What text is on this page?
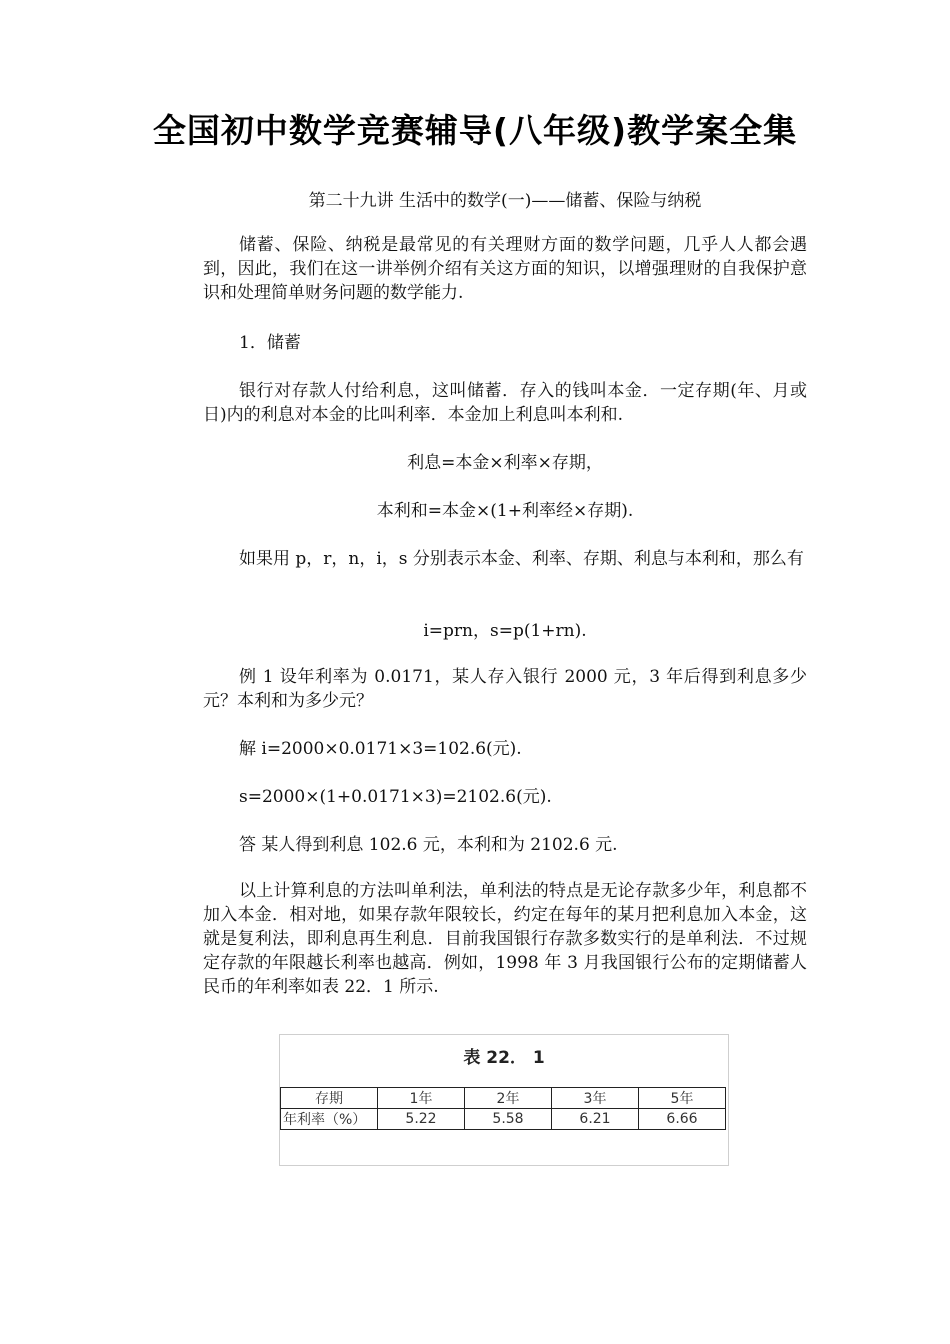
全国初中数学竞赛辅导(八年级)教学案全集
第二十九讲 生活中的数学(一)——储蓄、保险与纳税
储蓄、保险、纳税是最常见的有关理财方面的数学问题，几乎人人都会遇到，因此，我们在这一讲举例介绍有关这方面的知识，以增强理财的自我保护意识和处理简单财务问题的数学能力.
1．储蓄
银行对存款人付给利息，这叫储蓄．存入的钱叫本金．一定存期(年、月或日)内的利息对本金的比叫利率．本金加上利息叫本利和.
利息=本金×利率×存期，
本利和=本金×(1+利率经×存期).
如果用 p，r，n，i，s 分别表示本金、利率、存期、利息与本利和，那么有
i=prn，s=p(1+rn).
例 1 设年利率为 0.0171，某人存入银行 2000 元，3 年后得到利息多少元？本利和为多少元？
解 i=2000×0.0171×3=102.6(元).
s=2000×(1+0.0171×3)=2102.6(元).
答 某人得到利息 102.6 元，本利和为 2102.6 元.
以上计算利息的方法叫单利法，单利法的特点是无论存款多少年，利息都不加入本金．相对地，如果存款年限较长，约定在每年的某月把利息加入本金，这就是复利法，即利息再生利息．目前我国银行存款多数实行的是单利法．不过规定存款的年限越长利率也越高．例如，1998 年 3 月我国银行公布的定期储蓄人民币的年利率如表 22．1 所示.
表 22． 1
存期	1年	2年	3年	5年
年利率（%）	5.22	5.58	6.21	6.66
